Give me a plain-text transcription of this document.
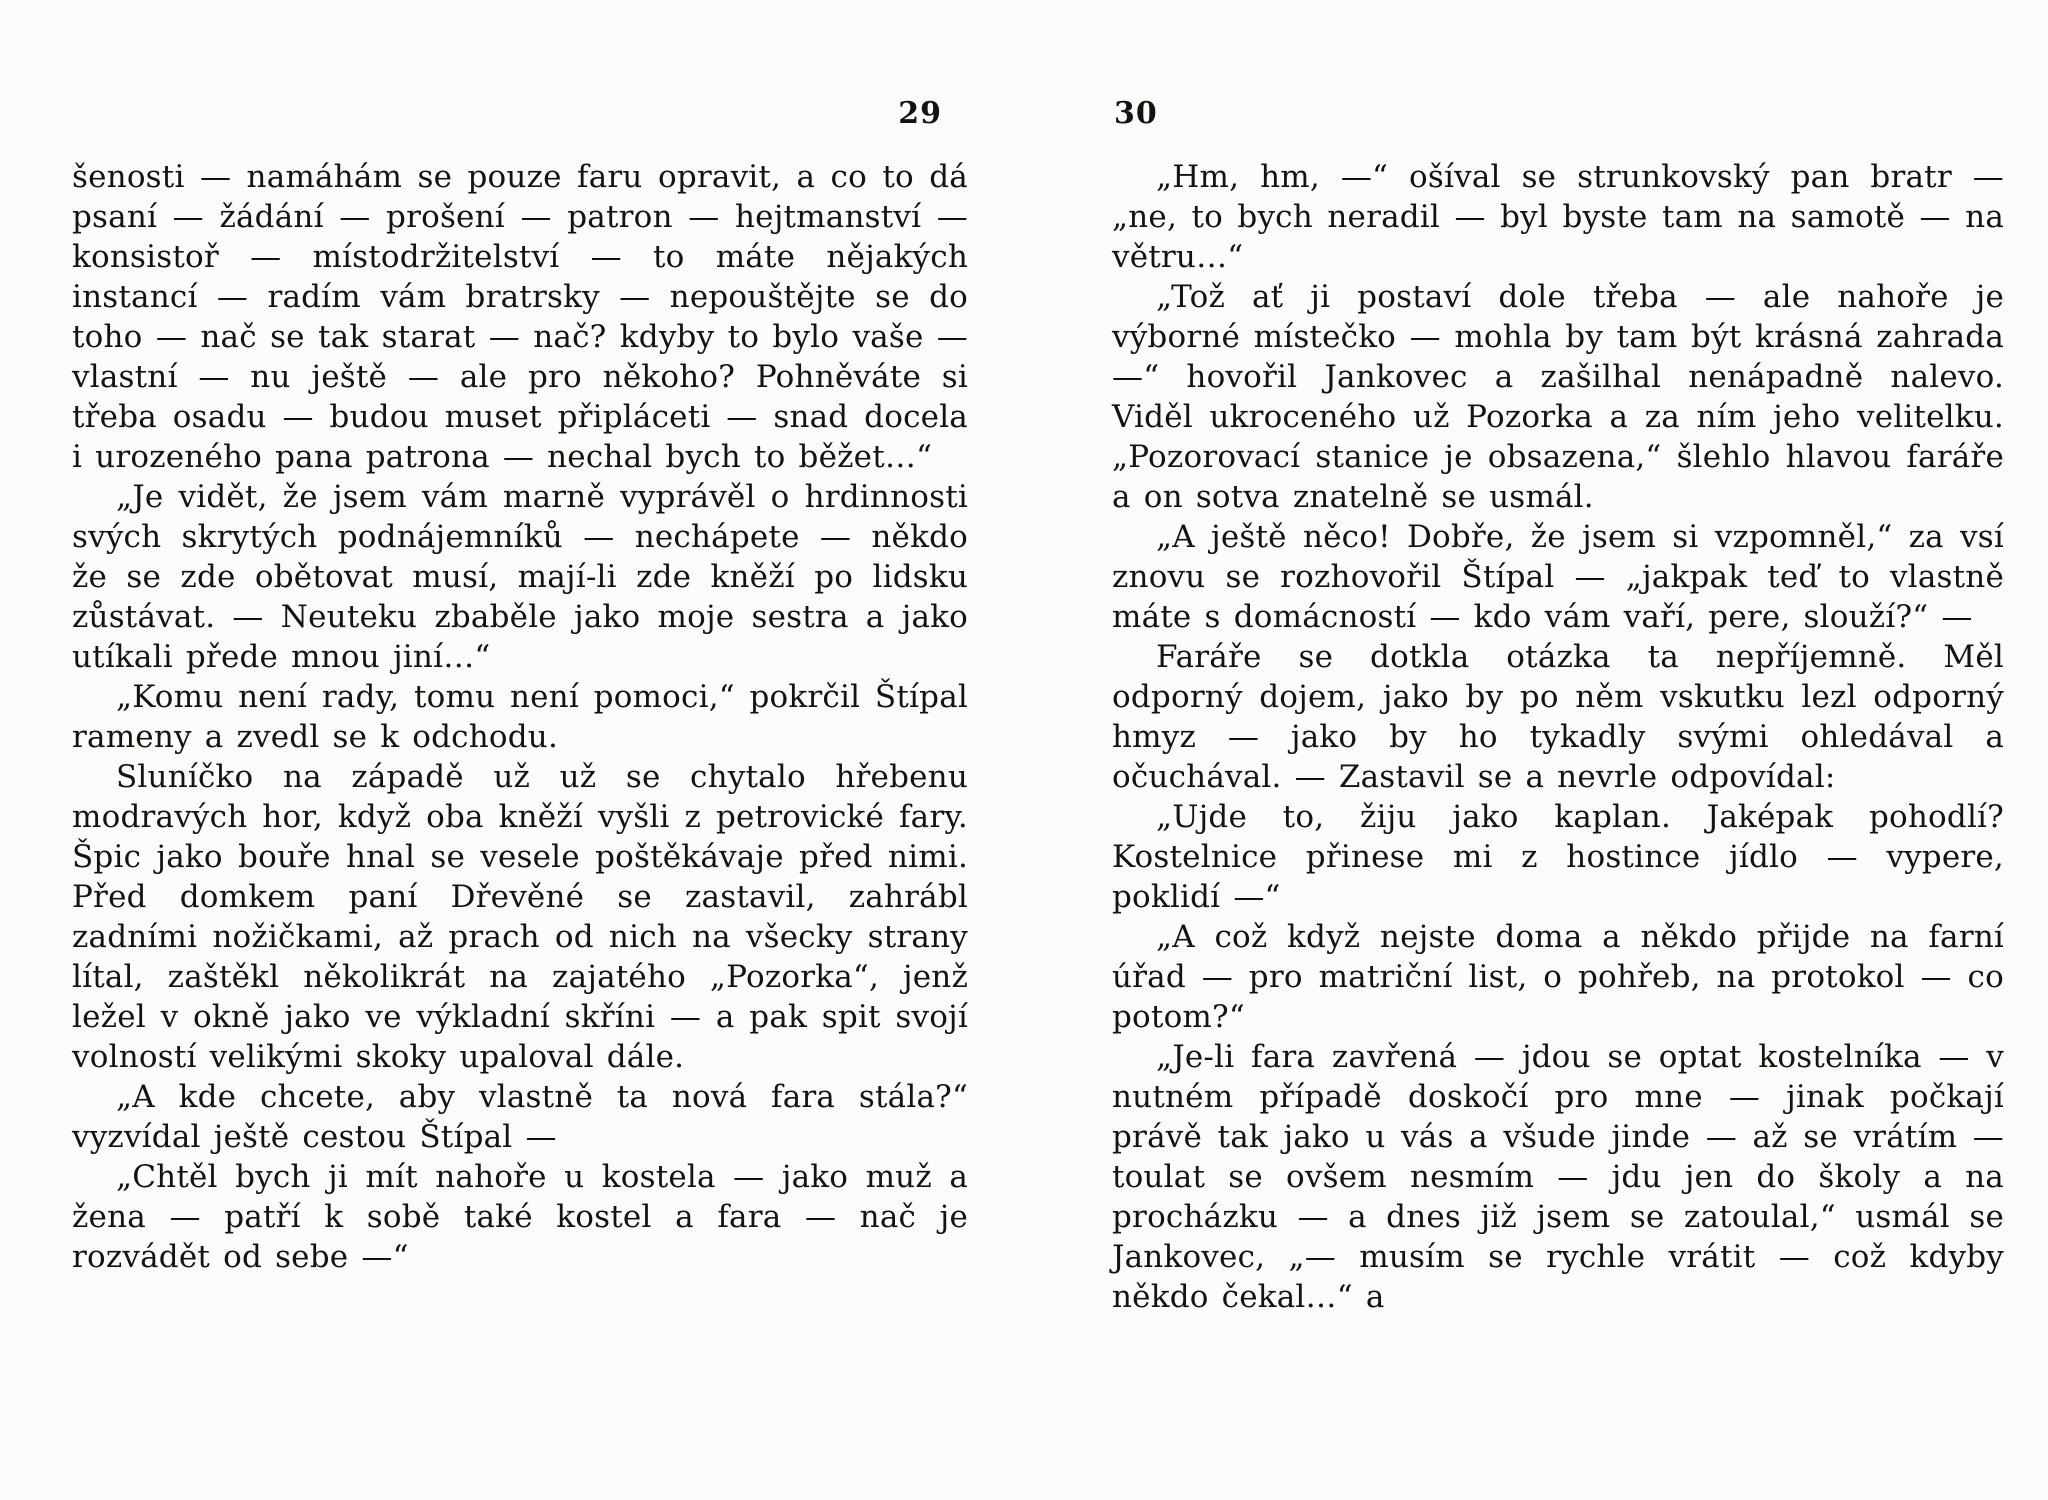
29

šenosti — namáhám se pouze faru opravit, a co to dá psaní — žádání — prošení — patron — hejtmanství — konsistoř — místodržitelství — to máte nějakých instancí — radím vám bratrsky — nepouštějte se do toho — nač se tak starat — nač? kdyby to bylo vaše — vlastní — nu ještě — ale pro někoho? Pohněváte si třeba osadu — budou muset připláceti — snad docela i urozeného pana patrona — nechal bych to běžet…“

„Je vidět, že jsem vám marně vyprávěl o hrdinnosti svých skrytých podnájemníků — nechápete — někdo že se zde obětovat musí, mají-li zde kněží po lidsku zůstávat. — Neuteku zbaběle jako moje sestra a jako utíkali přede mnou jiní…“

„Komu není rady, tomu není pomoci,“ pokrčil Štípal rameny a zvedl se k odchodu.

Sluníčko na západě už už se chytalo hřebenu modravých hor, když oba kněží vyšli z petrovické fary. Špic jako bouře hnal se vesele poštěkávaje před nimi. Před domkem paní Dřevěné se zastavil, zahrábl zadními nožičkami, až prach od nich na všecky strany lítal, zaštěkl několikrát na zajatého „Pozorka“, jenž ležel v okně jako ve výkladní skříni — a pak spit svojí volností velikými skoky upaloval dále.

„A kde chcete, aby vlastně ta nová fara stála?“ vyzvídal ještě cestou Štípal —

„Chtěl bych ji mít nahoře u kostela — jako muž a žena — patří k sobě také kostel a fara — nač je rozvádět od sebe —“

30

„Hm, hm, —“ ošíval se strunkovský pan bratr — „ne, to bych neradil — byl byste tam na samotě — na větru…“

„Tož ať ji postaví dole třeba — ale nahoře je výborné místečko — mohla by tam být krásná zahrada —“ hovořil Jankovec a zašilhal nenápadně nalevo. Viděl ukroceného už Pozorka a za ním jeho velitelku. „Pozorovací stanice je obsazena,“ šlehlo hlavou faráře a on sotva znatelně se usmál.

„A ještě něco! Dobře, že jsem si vzpomněl,“ za vsí znovu se rozhovořil Štípal — „jakpak teď to vlastně máte s domácností — kdo vám vaří, pere, slouží?“ —

Faráře se dotkla otázka ta nepříjemně. Měl odporný dojem, jako by po něm vskutku lezl odporný hmyz — jako by ho tykadly svými ohledával a očuchával. — Zastavil se a nevrle odpovídal:

„Ujde to, žiju jako kaplan. Jaképak pohodlí? Kostelnice přinese mi z hostince jídlo — vypere, poklidí —“

„A což když nejste doma a někdo přijde na farní úřad — pro matriční list, o pohřeb, na protokol — co potom?“

„Je-li fara zavřená — jdou se optat kostelníka — v nutném případě doskočí pro mne — jinak počkají právě tak jako u vás a všude jinde — až se vrátím — toulat se ovšem nesmím — jdu jen do školy a na procházku — a dnes již jsem se zatoulal,“ usmál se Jankovec, „— musím se rychle vrátit — což kdyby někdo čekal…“ a
